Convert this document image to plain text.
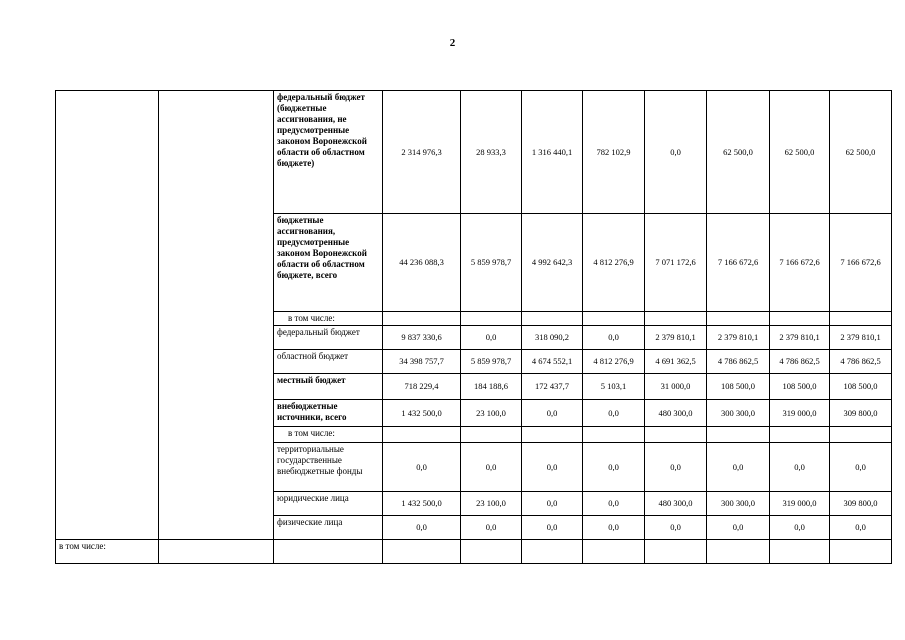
2
		федеральный бюджет (бюджетные ассигнования, не предусмотренные законом Воронежской области об областном бюджете)	2 314 976,3	28 933,3	1 316 440,1	782 102,9	0,0	62 500,0	62 500,0	62 500,0
		бюджетные ассигнования, предусмотренные законом Воронежской области об областном бюджете, всего	44 236 088,3	5 859 978,7	4 992 642,3	4 812 276,9	7 071 172,6	7 166 672,6	7 166 672,6	7 166 672,6
		в том числе:								
		федеральный бюджет	9 837 330,6	0,0	318 090,2	0,0	2 379 810,1	2 379 810,1	2 379 810,1	2 379 810,1
		областной бюджет	34 398 757,7	5 859 978,7	4 674 552,1	4 812 276,9	4 691 362,5	4 786 862,5	4 786 862,5	4 786 862,5
		местный бюджет	718 229,4	184 188,6	172 437,7	5 103,1	31 000,0	108 500,0	108 500,0	108 500,0
		внебюджетные источники, всего	1 432 500,0	23 100,0	0,0	0,0	480 300,0	300 300,0	319 000,0	309 800,0
		в том числе:								
		территориальные государственные внебюджетные фонды	0,0	0,0	0,0	0,0	0,0	0,0	0,0	0,0
		юридические лица	1 432 500,0	23 100,0	0,0	0,0	480 300,0	300 300,0	319 000,0	309 800,0
		физические лица	0,0	0,0	0,0	0,0	0,0	0,0	0,0	0,0
в том числе:										
